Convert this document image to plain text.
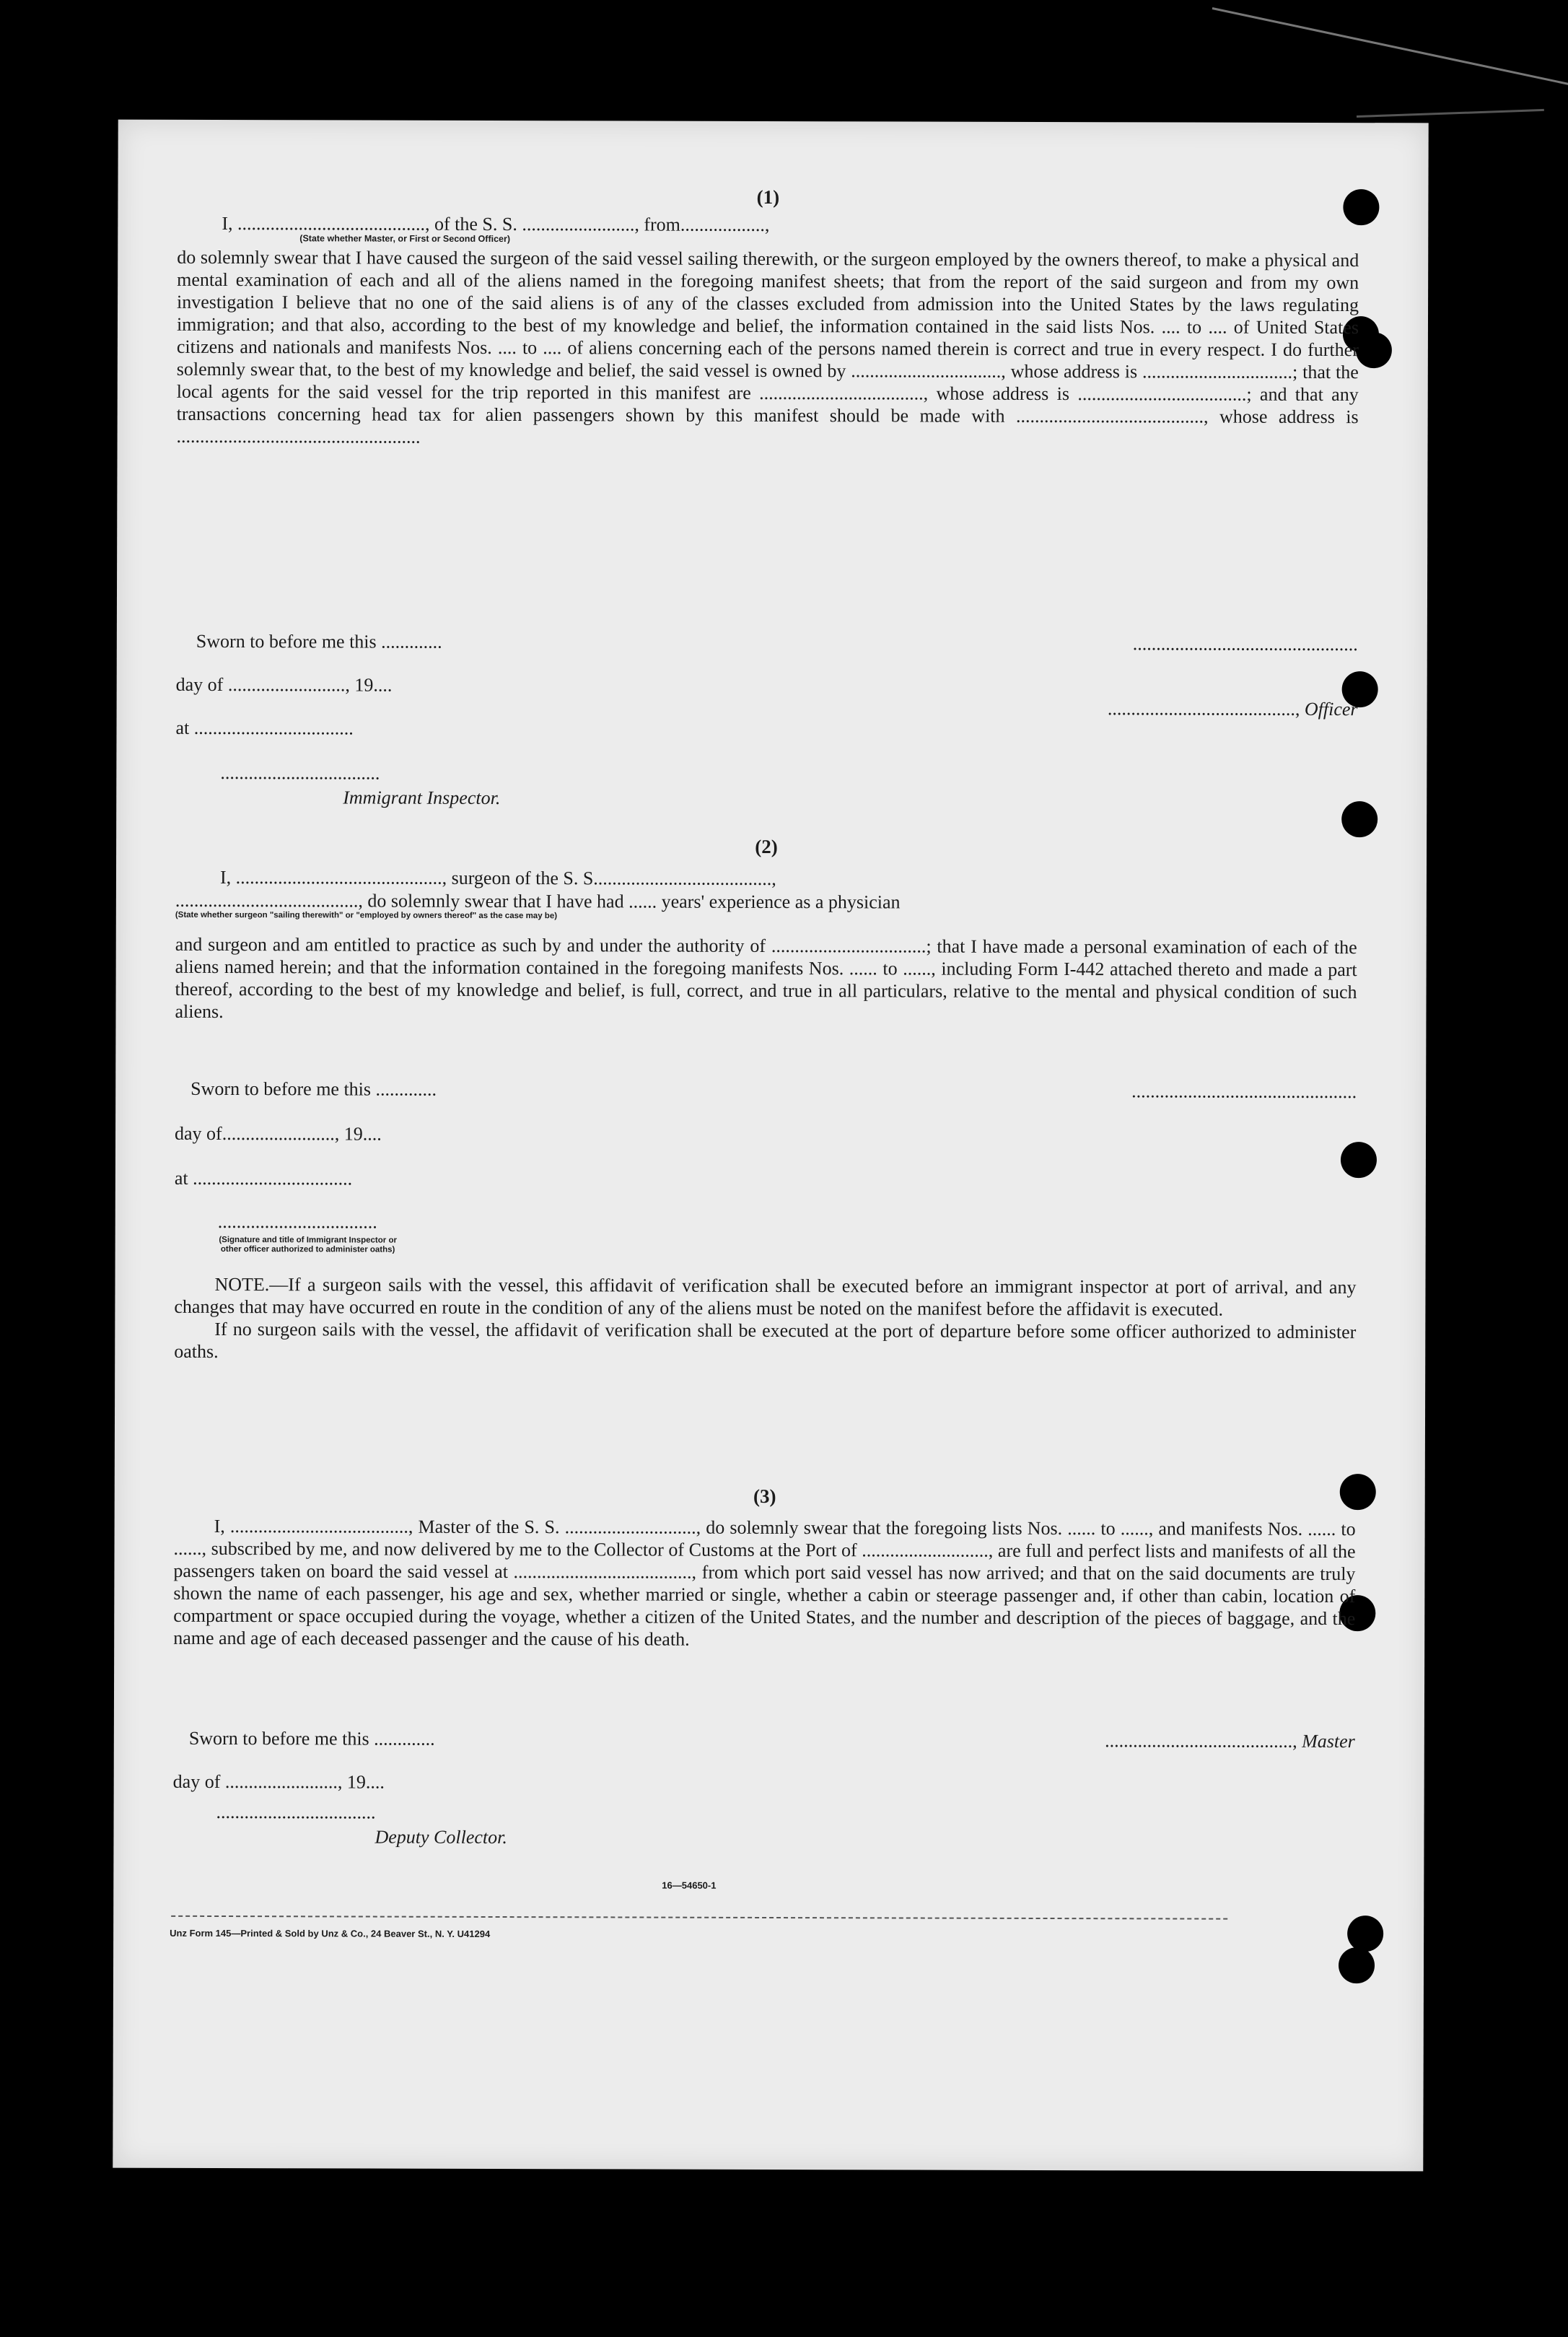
(1)

I, ........................................, of the S. S. ........................, from..................,
(State whether Master, or First or Second Officer)

do solemnly swear that I have caused the surgeon of the said vessel sailing therewith, or the surgeon employed by the owners thereof, to make a physical and mental examination of each and all of the aliens named in the foregoing manifest sheets; that from the report of the said surgeon and from my own investigation I believe that no one of the said aliens is of any of the classes excluded from admission into the United States by the laws regulating immigration; and that also, according to the best of my knowledge and belief, the information contained in the said lists Nos. .... to .... of United States citizens and nationals and manifests Nos. .... to .... of aliens concerning each of the persons named therein is correct and true in every respect. I do further solemnly swear that, to the best of my knowledge and belief, the said vessel is owned by ................................, whose address is ................................; that the local agents for the said vessel for the trip reported in this manifest are ..................................., whose address is ....................................; and that any transactions concerning head tax for alien passengers shown by this manifest should be made with ........................................, whose address is ....................................................

Sworn to before me this .............
day of ........................., 19....
at ..................................
..................................
Immigrant Inspector.
................................................
........................................, Officer

(2)

I, ............................................, surgeon of the S. S......................................,
......................................., do solemnly swear that I have had ...... years' experience as a physician
(State whether surgeon "sailing therewith" or "employed by owners thereof" as the case may be)

and surgeon and am entitled to practice as such by and under the authority of .................................; that I have made a personal examination of each of the aliens named herein; and that the information contained in the foregoing manifests Nos. ...... to ......, including Form I-442 attached thereto and made a part thereof, according to the best of my knowledge and belief, is full, correct, and true in all particulars, relative to the mental and physical condition of such aliens.

Sworn to before me this .............
day of........................, 19....
at ..................................
..................................
(Signature and title of Immigrant Inspector or other officer authorized to administer oaths)
................................................

NOTE.—If a surgeon sails with the vessel, this affidavit of verification shall be executed before an immigrant inspector at port of arrival, and any changes that may have occurred en route in the condition of any of the aliens must be noted on the manifest before the affidavit is executed.

If no surgeon sails with the vessel, the affidavit of verification shall be executed at the port of departure before some officer authorized to administer oaths.

(3)

I, ......................................, Master of the S. S. ............................, do solemnly swear that the foregoing lists Nos. ...... to ......, and manifests Nos. ...... to ......, subscribed by me, and now delivered by me to the Collector of Customs at the Port of ..........................., are full and perfect lists and manifests of all the passengers taken on board the said vessel at ......................................, from which port said vessel has now arrived; and that on the said documents are truly shown the name of each passenger, his age and sex, whether married or single, whether a cabin or steerage passenger and, if other than cabin, location of compartment or space occupied during the voyage, whether a citizen of the United States, and the number and description of the pieces of baggage, and the name and age of each deceased passenger and the cause of his death.

Sworn to before me this .............
day of ........................, 19....
..................................
Deputy Collector.
........................................, Master
16—54650-1
Unz Form 145—Printed & Sold by Unz & Co., 24 Beaver St., N. Y. U41294
